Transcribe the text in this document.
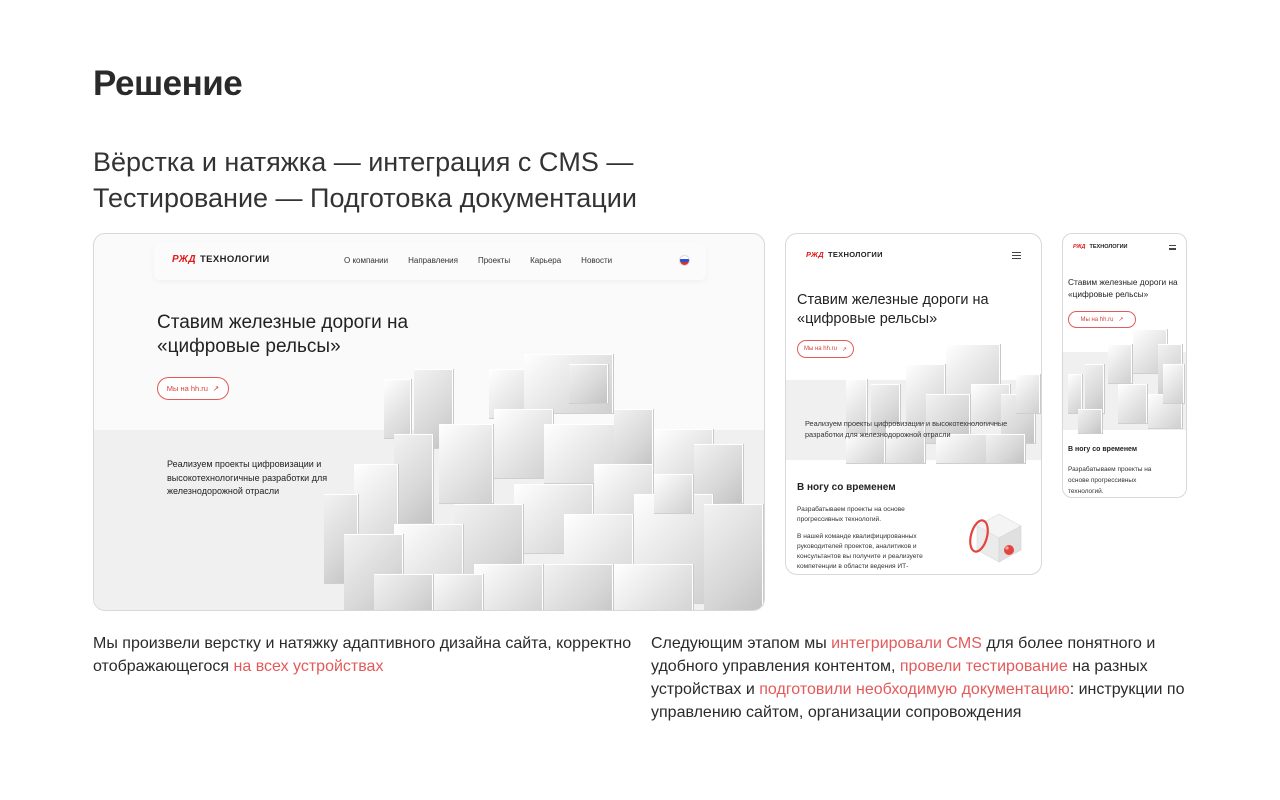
Решение

Вёрстка и натяжка — интеграция с CMS — Тестирование — Подготовка документации

РЖД ТЕХНОЛОГИИ	О компании	Направления	Проекты	Карьера	Новости
Ставим железные дороги на «цифровые рельсы»
Мы на hh.ru ↗
Реализуем проекты цифровизации и высокотехнологичные разработки для железнодорожной отрасли
РЖД ТЕХНОЛОГИИ
Ставим железные дороги на «цифровые рельсы»
Мы на hh.ru ↗
Реализуем проекты цифровизации и высокотехнологичные разработки для железнодорожной отрасли
В ногу со временем
Разрабатываем проекты на основе прогрессивных технологий.
В нашей команде квалифицированных руководителей проектов, аналитиков и консультантов вы получите и реализуете компетенции в области ведения ИТ-
РЖД ТЕХНОЛОГИИ
Ставим железные дороги на «цифровые рельсы»
Мы на hh.ru ↗
В ногу со временем
Разрабатываем проекты на основе прогрессивных технологий.

Мы произвели верстку и натяжку адаптивного дизайна сайта, корректно отображающегося на всех устройствах

Следующим этапом мы интегрировали CMS для более понятного и удобного управления контентом, провели тестирование на разных устройствах и подготовили необходимую документацию: инструкции по управлению сайтом, организации сопровождения
